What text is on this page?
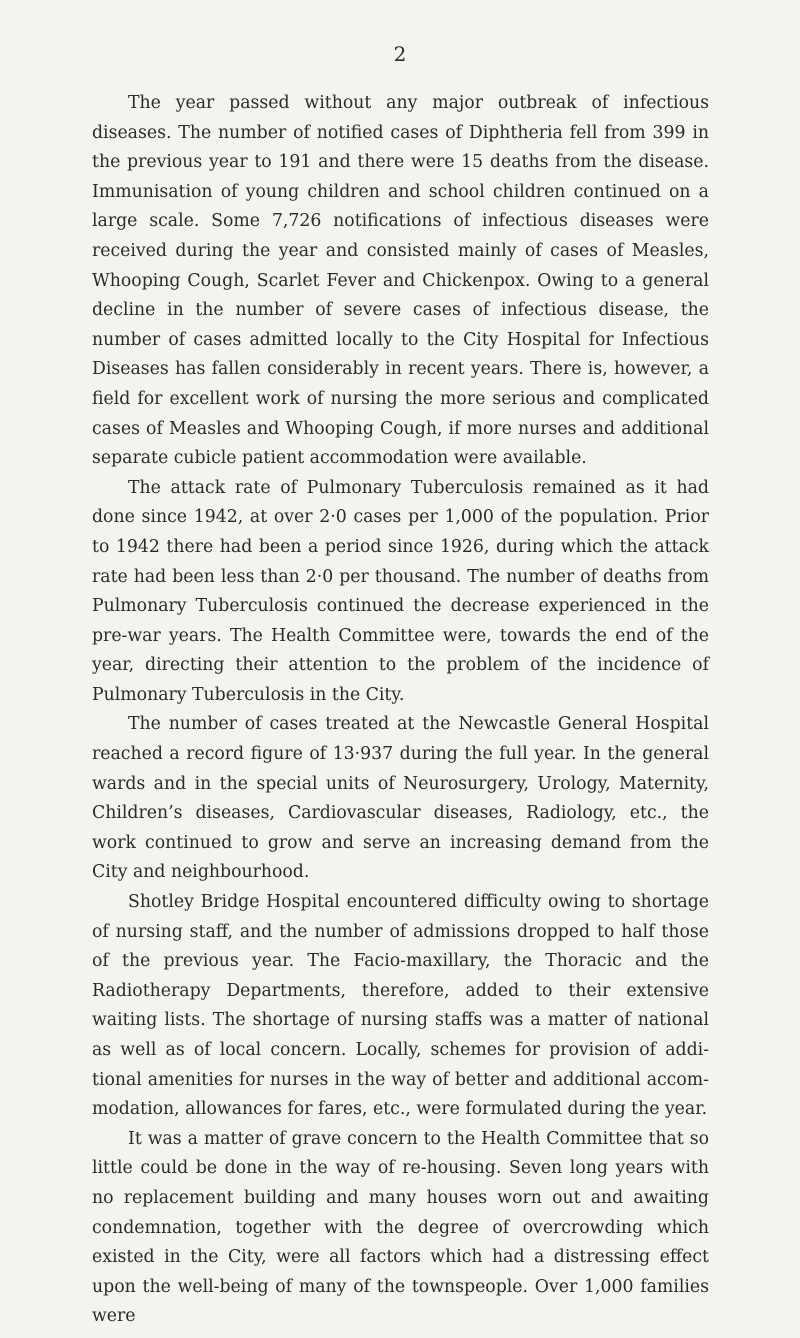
2

The year passed without any major outbreak of infectious diseases. The number of notified cases of Diphtheria fell from 399 in the previous year to 191 and there were 15 deaths from the disease. Immunisation of young children and school children continued on a large scale. Some 7,726 notifications of infectious diseases were received during the year and consisted mainly of cases of Measles, Whooping Cough, Scarlet Fever and Chickenpox. Owing to a general decline in the number of severe cases of infectious disease, the number of cases admitted locally to the City Hospital for Infectious Diseases has fallen considerably in recent years. There is, however, a field for excellent work of nursing the more serious and complicated cases of Measles and Whooping Cough, if more nurses and additional separate cubicle patient accommodation were available.

The attack rate of Pulmonary Tuberculosis remained as it had done since 1942, at over 2·0 cases per 1,000 of the population. Prior to 1942 there had been a period since 1926, during which the attack rate had been less than 2·0 per thousand. The number of deaths from Pulmonary Tuberculosis continued the decrease experienced in the pre-war years. The Health Committee were, towards the end of the year, directing their attention to the problem of the incidence of Pulmonary Tuberculosis in the City.

The number of cases treated at the Newcastle General Hospital reached a record figure of 13·937 during the full year. In the general wards and in the special units of Neurosurgery, Urology, Maternity, Children’s diseases, Cardiovascular diseases, Radiology, etc., the work continued to grow and serve an increasing demand from the City and neighbourhood.

Shotley Bridge Hospital encountered difficulty owing to shortage of nursing staff, and the number of admissions dropped to half those of the previous year. The Facio-maxillary, the Thoracic and the Radiotherapy Departments, therefore, added to their extensive waiting lists. The shortage of nursing staffs was a matter of national as well as of local concern. Locally, schemes for provision of additional amenities for nurses in the way of better and additional accommodation, allowances for fares, etc., were formulated during the year.

It was a matter of grave concern to the Health Committee that so little could be done in the way of re-housing. Seven long years with no replacement building and many houses worn out and awaiting condemnation, together with the degree of overcrowding which existed in the City, were all factors which had a distressing effect upon the well-being of many of the townspeople. Over 1,000 families were
